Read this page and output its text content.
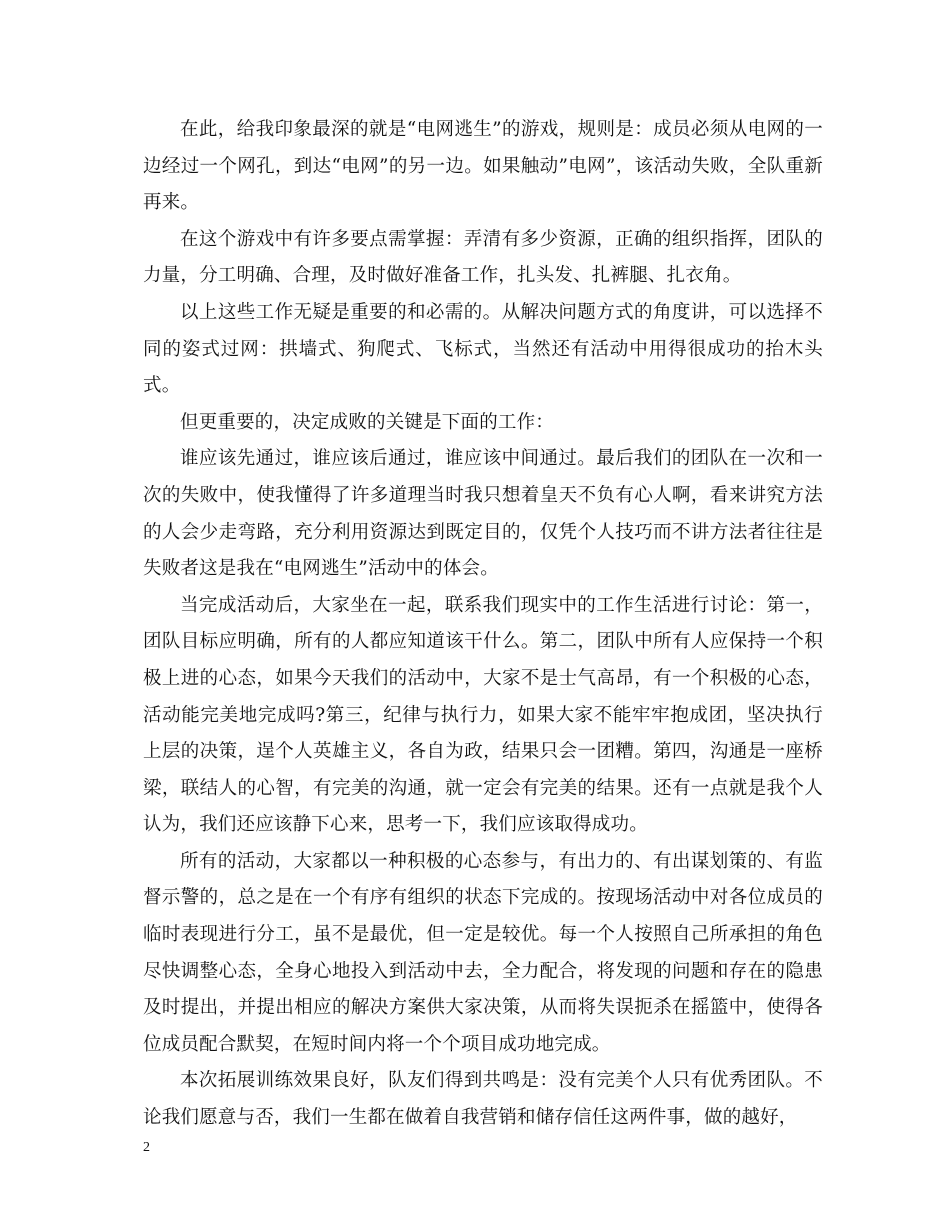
在此，给我印象最深的就是“电网逃生”的游戏，规则是：成员必须从电网的一边经过一个网孔，到达“电网”的另一边。如果触动”电网”，该活动失败，全队重新再来。

在这个游戏中有许多要点需掌握：弄清有多少资源，正确的组织指挥，团队的力量，分工明确、合理，及时做好准备工作，扎头发、扎裤腿、扎衣角。

以上这些工作无疑是重要的和必需的。从解决问题方式的角度讲，可以选择不同的姿式过网：拱墙式、狗爬式、飞标式，当然还有活动中用得很成功的抬木头式。

但更重要的，决定成败的关键是下面的工作：

谁应该先通过，谁应该后通过，谁应该中间通过。最后我们的团队在一次和一次的失败中，使我懂得了许多道理当时我只想着皇天不负有心人啊，看来讲究方法的人会少走弯路，充分利用资源达到既定目的，仅凭个人技巧而不讲方法者往往是失败者这是我在“电网逃生”活动中的体会。

当完成活动后，大家坐在一起，联系我们现实中的工作生活进行讨论：第一，团队目标应明确，所有的人都应知道该干什么。第二，团队中所有人应保持一个积极上进的心态，如果今天我们的活动中，大家不是士气高昂，有一个积极的心态，活动能完美地完成吗?第三，纪律与执行力，如果大家不能牢牢抱成团，坚决执行上层的决策，逞个人英雄主义，各自为政，结果只会一团糟。第四，沟通是一座桥梁，联结人的心智，有完美的沟通，就一定会有完美的结果。还有一点就是我个人认为，我们还应该静下心来，思考一下，我们应该取得成功。

所有的活动，大家都以一种积极的心态参与，有出力的、有出谋划策的、有监督示警的，总之是在一个有序有组织的状态下完成的。按现场活动中对各位成员的临时表现进行分工，虽不是最优，但一定是较优。每一个人按照自己所承担的角色尽快调整心态，全身心地投入到活动中去，全力配合，将发现的问题和存在的隐患及时提出，并提出相应的解决方案供大家决策，从而将失误扼杀在摇篮中，使得各位成员配合默契，在短时间内将一个个项目成功地完成。

本次拓展训练效果良好，队友们得到共鸣是：没有完美个人只有优秀团队。不论我们愿意与否，我们一生都在做着自我营销和储存信任这两件事，做的越好，

2
